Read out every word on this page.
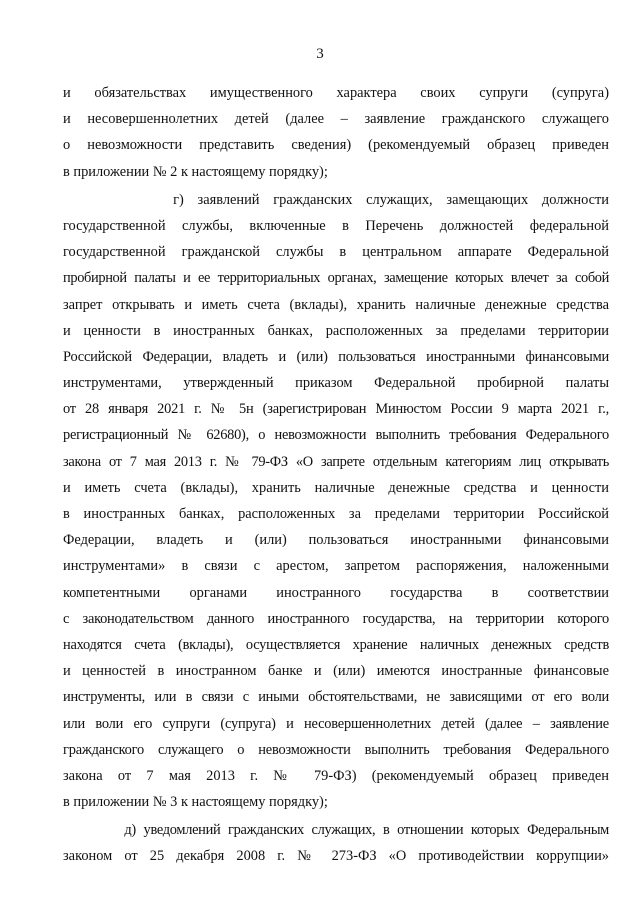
3
и обязательствах имущественного характера своих супруги (супруга)
и несовершеннолетних детей (далее – заявление гражданского служащего
о невозможности представить сведения) (рекомендуемый образец приведен
в приложении № 2 к настоящему порядку);
г) заявлений гражданских служащих, замещающих должности
государственной службы, включенные в Перечень должностей федеральной
государственной гражданской службы в центральном аппарате Федеральной
пробирной палаты и ее территориальных органах, замещение которых влечет за собой
запрет открывать и иметь счета (вклады), хранить наличные денежные средства
и ценности в иностранных банках, расположенных за пределами территории
Российской Федерации, владеть и (или) пользоваться иностранными финансовыми
инструментами, утвержденный приказом Федеральной пробирной палаты
от 28 января 2021 г. № 5н (зарегистрирован Минюстом России 9 марта 2021 г.,
регистрационный № 62680), о невозможности выполнить требования Федерального
закона от 7 мая 2013 г. № 79-ФЗ «О запрете отдельным категориям лиц открывать
и иметь счета (вклады), хранить наличные денежные средства и ценности
в иностранных банках, расположенных за пределами территории Российской
Федерации, владеть и (или) пользоваться иностранными финансовыми
инструментами» в связи с арестом, запретом распоряжения, наложенными
компетентными органами иностранного государства в соответствии
с законодательством данного иностранного государства, на территории которого
находятся счета (вклады), осуществляется хранение наличных денежных средств
и ценностей в иностранном банке и (или) имеются иностранные финансовые
инструменты, или в связи с иными обстоятельствами, не зависящими от его воли
или воли его супруги (супруга) и несовершеннолетних детей (далее – заявление
гражданского служащего о невозможности выполнить требования Федерального
закона от 7 мая 2013 г. № 79-ФЗ) (рекомендуемый образец приведен
в приложении № 3 к настоящему порядку);
д) уведомлений гражданских служащих, в отношении которых Федеральным
законом от 25 декабря 2008 г. № 273-ФЗ «О противодействии коррупции»
